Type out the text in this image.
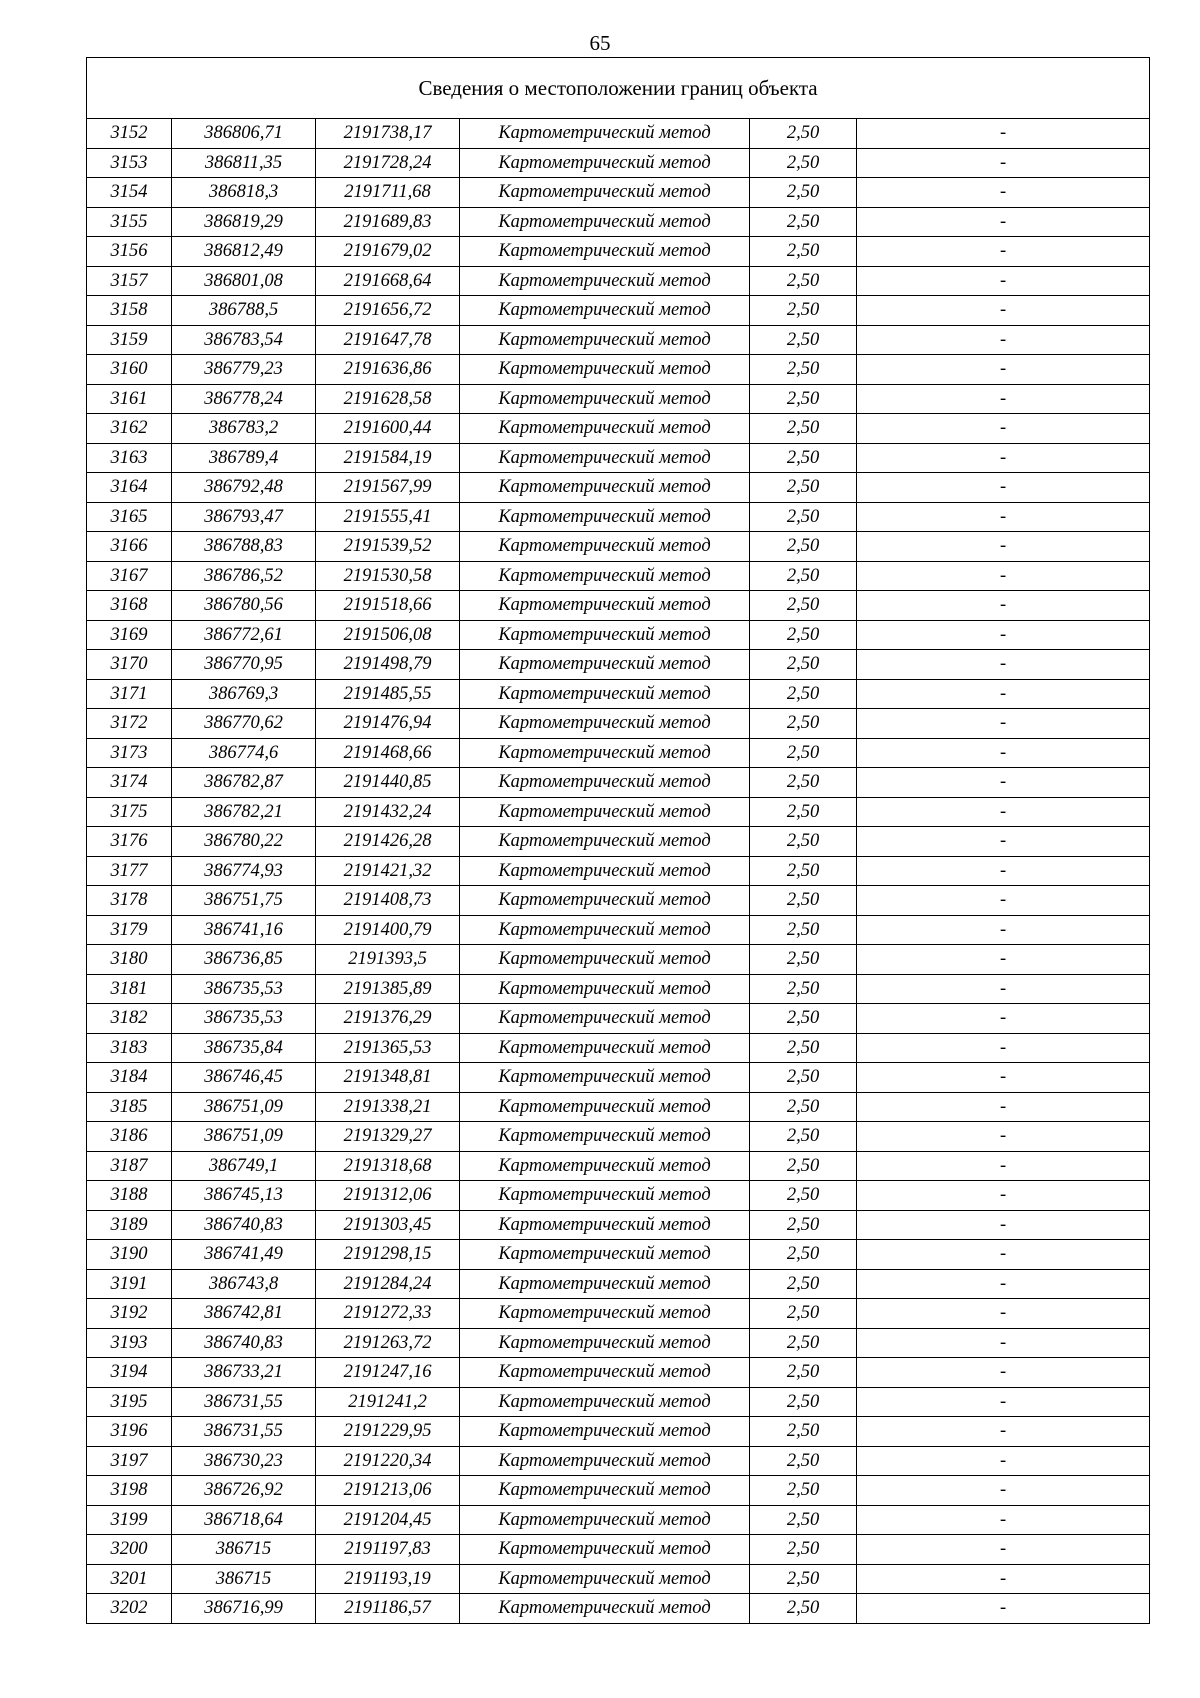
65
Сведения о местоположении границ объекта					
3152	386806,71	2191738,17	Картометрический метод	2,50	-
3153	386811,35	2191728,24	Картометрический метод	2,50	-
3154	386818,3	2191711,68	Картометрический метод	2,50	-
3155	386819,29	2191689,83	Картометрический метод	2,50	-
3156	386812,49	2191679,02	Картометрический метод	2,50	-
3157	386801,08	2191668,64	Картометрический метод	2,50	-
3158	386788,5	2191656,72	Картометрический метод	2,50	-
3159	386783,54	2191647,78	Картометрический метод	2,50	-
3160	386779,23	2191636,86	Картометрический метод	2,50	-
3161	386778,24	2191628,58	Картометрический метод	2,50	-
3162	386783,2	2191600,44	Картометрический метод	2,50	-
3163	386789,4	2191584,19	Картометрический метод	2,50	-
3164	386792,48	2191567,99	Картометрический метод	2,50	-
3165	386793,47	2191555,41	Картометрический метод	2,50	-
3166	386788,83	2191539,52	Картометрический метод	2,50	-
3167	386786,52	2191530,58	Картометрический метод	2,50	-
3168	386780,56	2191518,66	Картометрический метод	2,50	-
3169	386772,61	2191506,08	Картометрический метод	2,50	-
3170	386770,95	2191498,79	Картометрический метод	2,50	-
3171	386769,3	2191485,55	Картометрический метод	2,50	-
3172	386770,62	2191476,94	Картометрический метод	2,50	-
3173	386774,6	2191468,66	Картометрический метод	2,50	-
3174	386782,87	2191440,85	Картометрический метод	2,50	-
3175	386782,21	2191432,24	Картометрический метод	2,50	-
3176	386780,22	2191426,28	Картометрический метод	2,50	-
3177	386774,93	2191421,32	Картометрический метод	2,50	-
3178	386751,75	2191408,73	Картометрический метод	2,50	-
3179	386741,16	2191400,79	Картометрический метод	2,50	-
3180	386736,85	2191393,5	Картометрический метод	2,50	-
3181	386735,53	2191385,89	Картометрический метод	2,50	-
3182	386735,53	2191376,29	Картометрический метод	2,50	-
3183	386735,84	2191365,53	Картометрический метод	2,50	-
3184	386746,45	2191348,81	Картометрический метод	2,50	-
3185	386751,09	2191338,21	Картометрический метод	2,50	-
3186	386751,09	2191329,27	Картометрический метод	2,50	-
3187	386749,1	2191318,68	Картометрический метод	2,50	-
3188	386745,13	2191312,06	Картометрический метод	2,50	-
3189	386740,83	2191303,45	Картометрический метод	2,50	-
3190	386741,49	2191298,15	Картометрический метод	2,50	-
3191	386743,8	2191284,24	Картометрический метод	2,50	-
3192	386742,81	2191272,33	Картометрический метод	2,50	-
3193	386740,83	2191263,72	Картометрический метод	2,50	-
3194	386733,21	2191247,16	Картометрический метод	2,50	-
3195	386731,55	2191241,2	Картометрический метод	2,50	-
3196	386731,55	2191229,95	Картометрический метод	2,50	-
3197	386730,23	2191220,34	Картометрический метод	2,50	-
3198	386726,92	2191213,06	Картометрический метод	2,50	-
3199	386718,64	2191204,45	Картометрический метод	2,50	-
3200	386715	2191197,83	Картометрический метод	2,50	-
3201	386715	2191193,19	Картометрический метод	2,50	-
3202	386716,99	2191186,57	Картометрический метод	2,50	-
